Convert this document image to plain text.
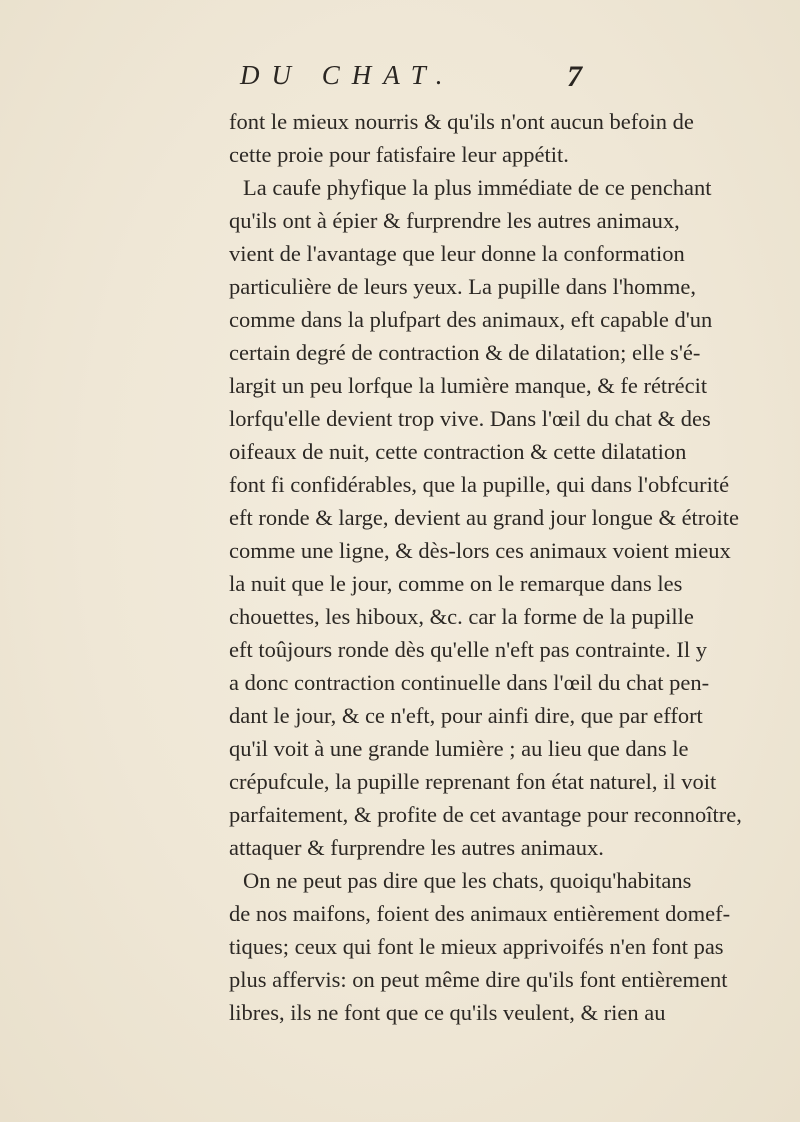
DU CHAT.	7
font le mieux nourris & qu'ils n'ont aucun befoin de
cette proie pour fatisfaire leur appétit.
La caufe phyfique la plus immédiate de ce penchant
qu'ils ont à épier & furprendre les autres animaux,
vient de l'avantage que leur donne la conformation
particulière de leurs yeux. La pupille dans l'homme,
comme dans la plufpart des animaux, eft capable d'un
certain degré de contraction & de dilatation; elle s'é-
largit un peu lorfque la lumière manque, & fe rétrécit
lorfqu'elle devient trop vive. Dans l'œil du chat & des
oifeaux de nuit, cette contraction & cette dilatation
font fi confidérables, que la pupille, qui dans l'obfcurité
eft ronde & large, devient au grand jour longue & étroite
comme une ligne, & dès-lors ces animaux voient mieux
la nuit que le jour, comme on le remarque dans les
chouettes, les hiboux, &c. car la forme de la pupille
eft toûjours ronde dès qu'elle n'eft pas contrainte. Il y
a donc contraction continuelle dans l'œil du chat pen-
dant le jour, & ce n'eft, pour ainfi dire, que par effort
qu'il voit à une grande lumière ; au lieu que dans le
crépufcule, la pupille reprenant fon état naturel, il voit
parfaitement, & profite de cet avantage pour reconnoître,
attaquer & furprendre les autres animaux.
On ne peut pas dire que les chats, quoiqu'habitans
de nos maifons, foient des animaux entièrement domef-
tiques; ceux qui font le mieux apprivoifés n'en font pas
plus affervis: on peut même dire qu'ils font entièrement
libres, ils ne font que ce qu'ils veulent, & rien au
